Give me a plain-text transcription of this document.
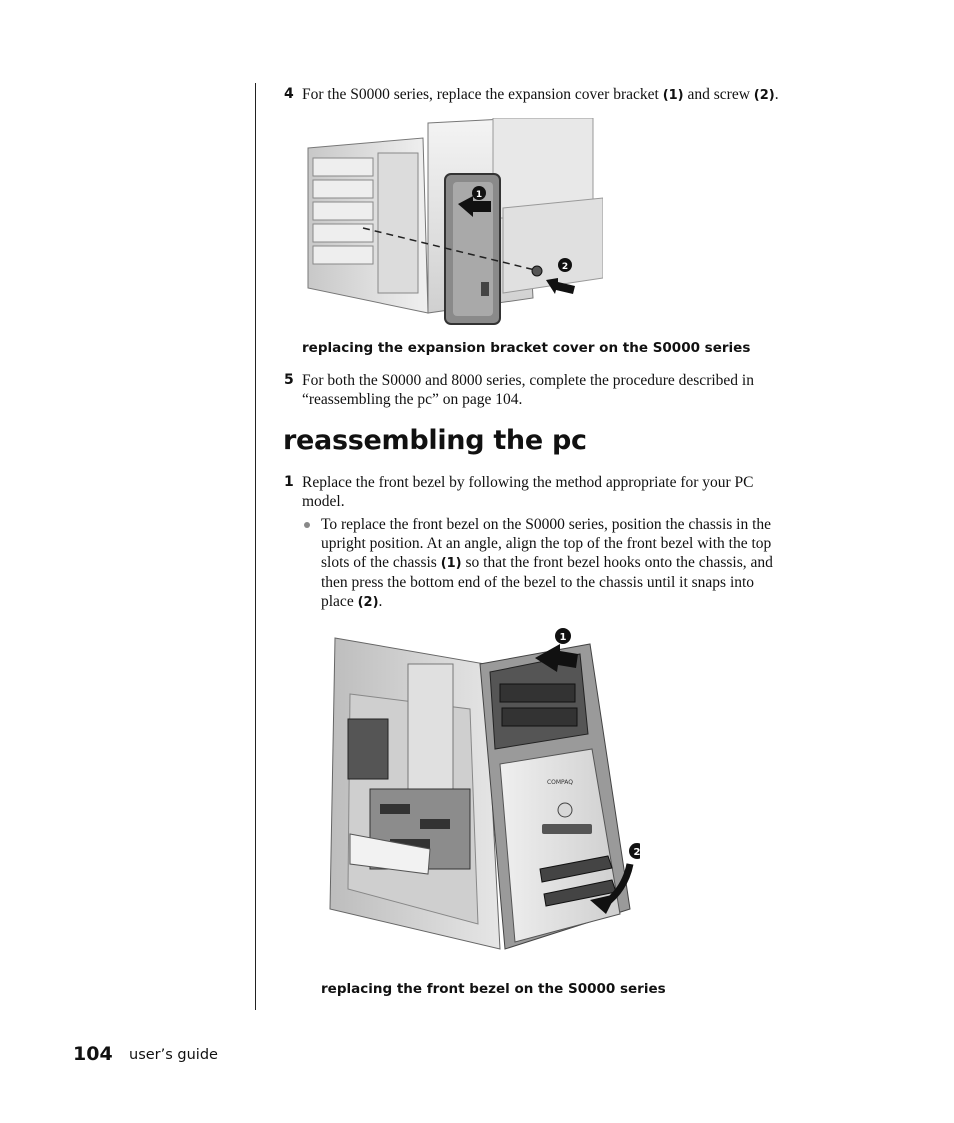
4 For the S0000 series, replace the expansion cover bracket (1) and screw (2).
1
2
replacing the expansion bracket cover on the S0000 series
5 For both the S0000 and 8000 series, complete the procedure described in
“reassembling the pc” on page 104.
reassembling the pc
1 Replace the front bezel by following the method appropriate for your PC
model.
To replace the front bezel on the S0000 series, position the chassis in the
upright position. At an angle, align the top of the front bezel with the top
slots of the chassis (1) so that the front bezel hooks onto the chassis, and
then press the bottom end of the bezel to the chassis until it snaps into
place (2).
COMPAQ
1
2
replacing the front bezel on the S0000 series
104 user’s guide
